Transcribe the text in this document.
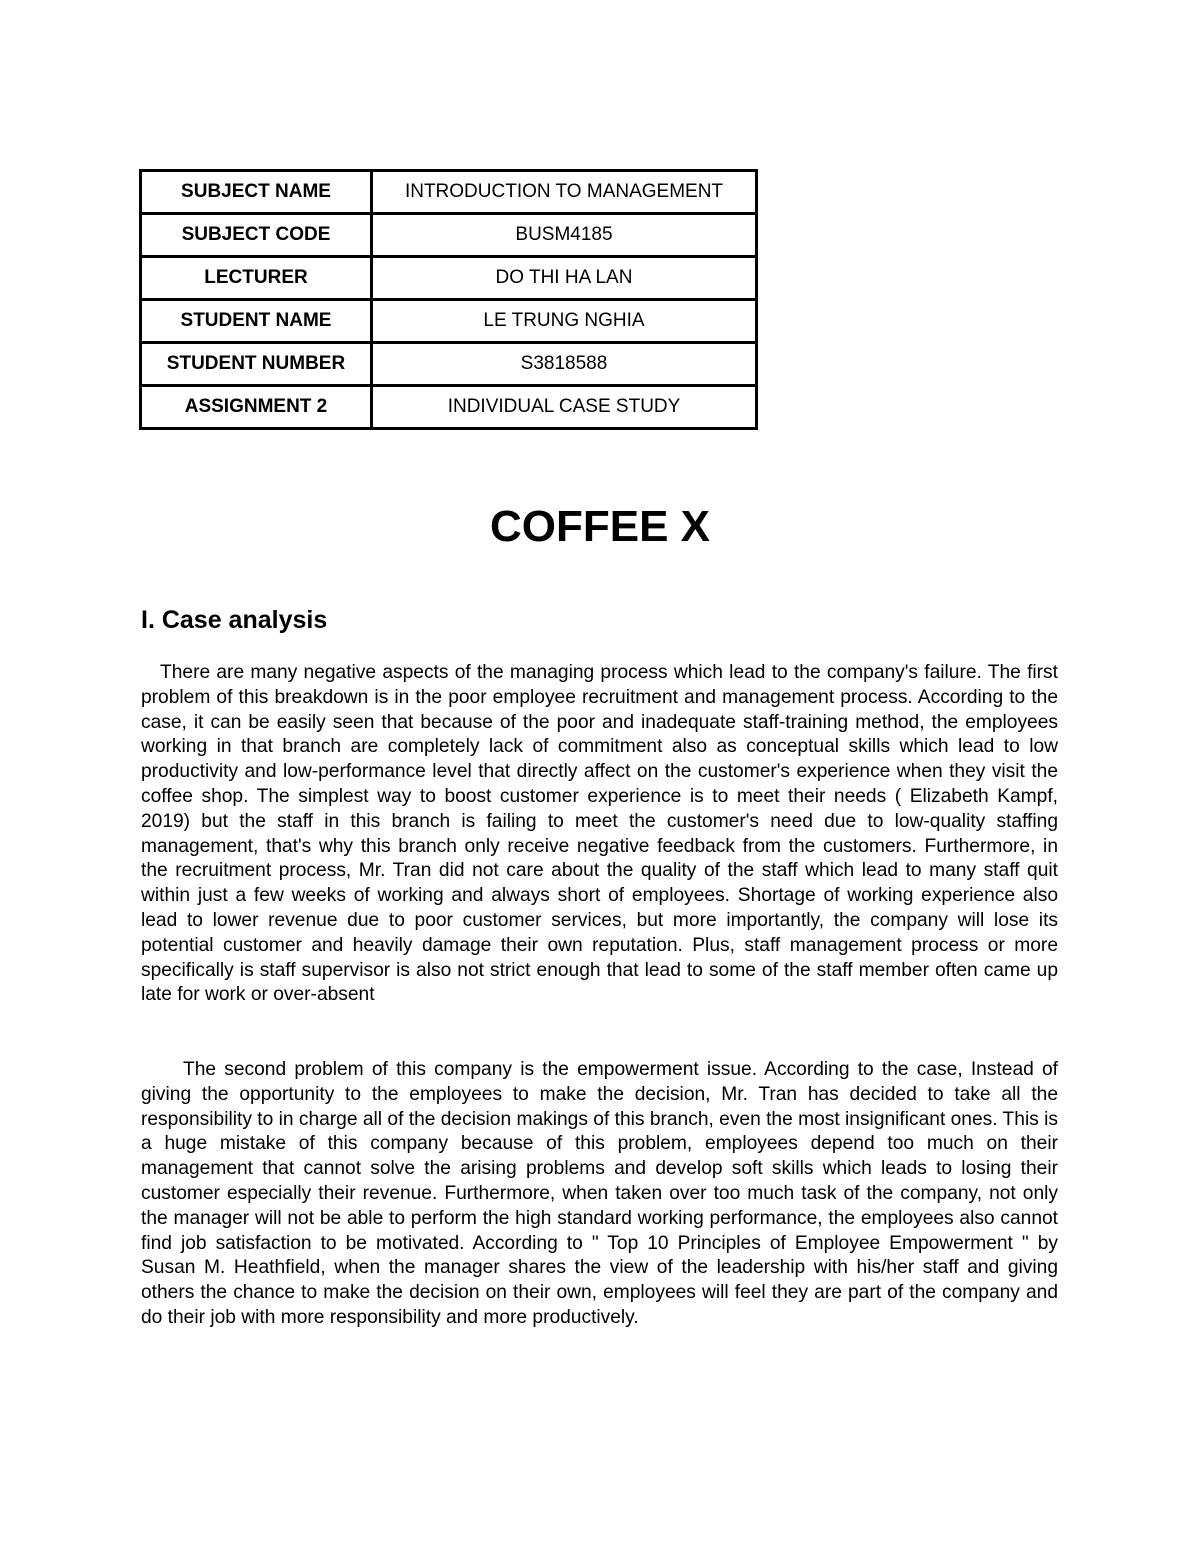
SUBJECT NAME	INTRODUCTION TO MANAGEMENT
SUBJECT CODE	BUSM4185
LECTURER	DO THI HA LAN
STUDENT NAME	LE TRUNG NGHIA
STUDENT NUMBER	S3818588
ASSIGNMENT 2	INDIVIDUAL CASE STUDY
COFFEE X
I. Case analysis

There are many negative aspects of the managing process which lead to the company's failure. The first problem of this breakdown is in the poor employee recruitment and management process. According to the case, it can be easily seen that because of the poor and inadequate staff-training method, the employees working in that branch are completely lack of commitment also as conceptual skills which lead to low productivity and low-performance level that directly affect on the customer's experience when they visit the coffee shop. The simplest way to boost customer experience is to meet their needs ( Elizabeth Kampf, 2019) but the staff in this branch is failing to meet the customer's need due to low-quality staffing management, that's why this branch only receive negative feedback from the customers. Furthermore, in the recruitment process, Mr. Tran did not care about the quality of the staff which lead to many staff quit within just a few weeks of working and always short of employees. Shortage of working experience also lead to lower revenue due to poor customer services, but more importantly, the company will lose its potential customer and heavily damage their own reputation. Plus, staff management process or more specifically is staff supervisor is also not strict enough that lead to some of the staff member often came up late for work or over-absent

The second problem of this company is the empowerment issue. According to the case, Instead of giving the opportunity to the employees to make the decision, Mr. Tran has decided to take all the responsibility to in charge all of the decision makings of this branch, even the most insignificant ones. This is a huge mistake of this company because of this problem, employees depend too much on their management that cannot solve the arising problems and develop soft skills which leads to losing their customer especially their revenue. Furthermore, when taken over too much task of the company, not only the manager will not be able to perform the high standard working performance, the employees also cannot find job satisfaction to be motivated. According to " Top 10 Principles of Employee Empowerment " by Susan M. Heathfield, when the manager shares the view of the leadership with his/her staff and giving others the chance to make the decision on their own, employees will feel they are part of the company and do their job with more responsibility and more productively.
